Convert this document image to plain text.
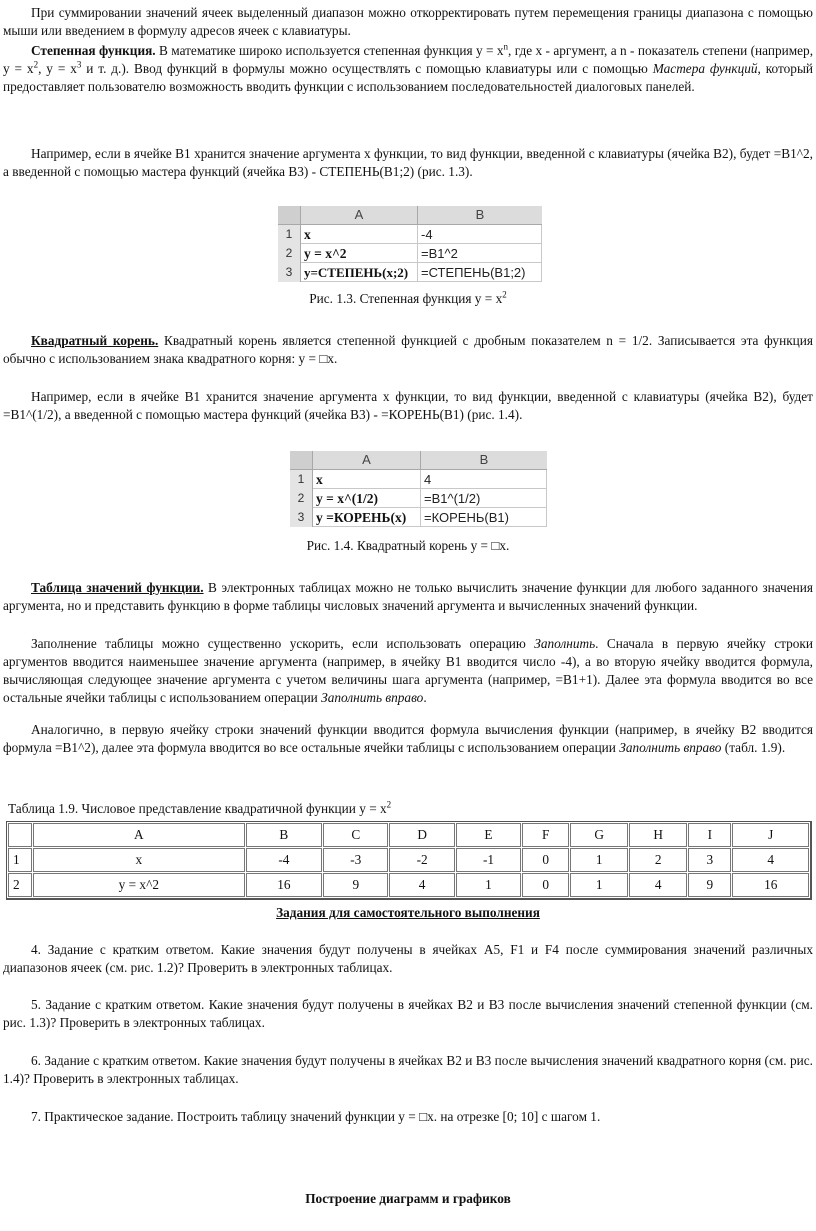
При суммировании значений ячеек выделенный диапазон можно откорректировать путем перемещения границы диапазона с помощью мыши или введением в формулу адресов ячеек с клавиатуры.

Степенная функция. В математике широко используется степенная функция $y = x^n$, где x - аргумент, а n - показатель степени (например, $y = x^2$, $y = x^3$ и т. д.). Ввод функций в формулы можно осуществлять с помощью клавиатуры или с помощью Мастера функций, который предоставляет пользователю возможность вводить функции с использованием последовательностей диалоговых панелей.

Например, если в ячейке B1 хранится значение аргумента x функции, то вид функции, введенной с клавиатуры (ячейка B2), будет =B1^2, а введенной с помощью мастера функций (ячейка B3) - СТЕПЕНЬ(B1;2) (рис. 1.3).

A	B
1 x	-4
2 y = x^2	=B1^2
3 y=СТЕПЕНЬ(x;2) =СТЕПЕНЬ(B1;2)

Рис. 1.3. Степенная функция $y = x^2$

Квадратный корень. Квадратный корень является степенной функцией с дробным показателем n = 1/2. Записывается эта функция обычно с использованием знака квадратного корня: y = □x.

Например, если в ячейке B1 хранится значение аргумента x функции, то вид функции, введенной с клавиатуры (ячейка B2), будет =B1^(1/2), а введенной с помощью мастера функций (ячейка B3) - =КОРЕНЬ(B1) (рис. 1.4).

A	B
1 x	4
2 y = x^(1/2)	=B1^(1/2)
3 y =КОРЕНЬ(x)	=КОРЕНЬ(B1)

Рис. 1.4. Квадратный корень y = □x.

Таблица значений функции. В электронных таблицах можно не только вычислить значение функции для любого заданного значения аргумента, но и представить функцию в форме таблицы числовых значений аргумента и вычисленных значений функции.

Заполнение таблицы можно существенно ускорить, если использовать операцию Заполнить. Сначала в первую ячейку строки аргументов вводится наименьшее значение аргумента (например, в ячейку B1 вводится число -4), а во вторую ячейку вводится формула, вычисляющая следующее значение аргумента с учетом величины шага аргумента (например, =B1+1). Далее эта формула вводится во все остальные ячейки таблицы с использованием операции Заполнить вправо.

Аналогично, в первую ячейку строки значений функции вводится формула вычисления функции (например, в ячейку B2 вводится формула =B1^2), далее эта формула вводится во все остальные ячейки таблицы с использованием операции Заполнить вправо (табл. 1.9).

Таблица 1.9. Числовое представление квадратичной функции $y = x^2$

	A	B	C	D	E	F	G	H	I	J
1	x	-4	-3	-2	-1	0	1	2	3	4
2	y = x^2	16	9	4	1	0	1	4	9	16

Задания для самостоятельного выполнения

4. Задание с кратким ответом. Какие значения будут получены в ячейках A5, F1 и F4 после суммирования значений различных диапазонов ячеек (см. рис. 1.2)? Проверить в электронных таблицах.

5. Задание с кратким ответом. Какие значения будут получены в ячейках B2 и B3 после вычисления значений степенной функции (см. рис. 1.3)? Проверить в электронных таблицах.

6. Задание с кратким ответом. Какие значения будут получены в ячейках B2 и B3 после вычисления значений квадратного корня (см. рис. 1.4)? Проверить в электронных таблицах.

7. Практическое задание. Построить таблицу значений функции y = □x. на отрезке [0; 10] с шагом 1.

Построение диаграмм и графиков
